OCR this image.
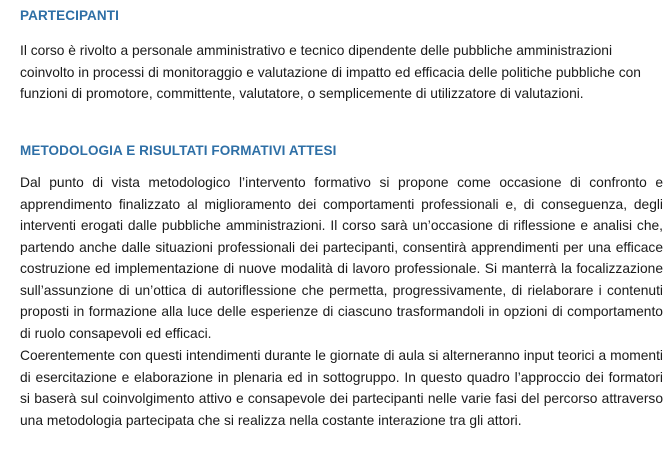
PARTECIPANTI

Il corso è rivolto a personale amministrativo e tecnico dipendente delle pubbliche amministrazioni coinvolto in processi di monitoraggio e valutazione di impatto ed efficacia delle politiche pubbliche con funzioni di promotore, committente, valutatore, o semplicemente di utilizzatore di valutazioni.

METODOLOGIA E RISULTATI FORMATIVI ATTESI

Dal punto di vista metodologico l’intervento formativo si propone come occasione di confronto e apprendimento finalizzato al miglioramento dei comportamenti professionali e, di conseguenza, degli interventi erogati dalle pubbliche amministrazioni. Il corso sarà un’occasione di riflessione e analisi che, partendo anche dalle situazioni professionali dei partecipanti, consentirà apprendimenti per una efficace costruzione ed implementazione di nuove modalità di lavoro professionale. Si manterrà la focalizzazione sull’assunzione di un’ottica di autoriflessione che permetta, progressivamente, di rielaborare i contenuti proposti in formazione alla luce delle esperienze di ciascuno trasformandoli in opzioni di comportamento di ruolo consapevoli ed efficaci.

Coerentemente con questi intendimenti durante le giornate di aula si alterneranno input teorici a momenti di esercitazione e elaborazione in plenaria ed in sottogruppo. In questo quadro l’approccio dei formatori si baserà sul coinvolgimento attivo e consapevole dei partecipanti nelle varie fasi del percorso attraverso una metodologia partecipata che si realizza nella costante interazione tra gli attori.
